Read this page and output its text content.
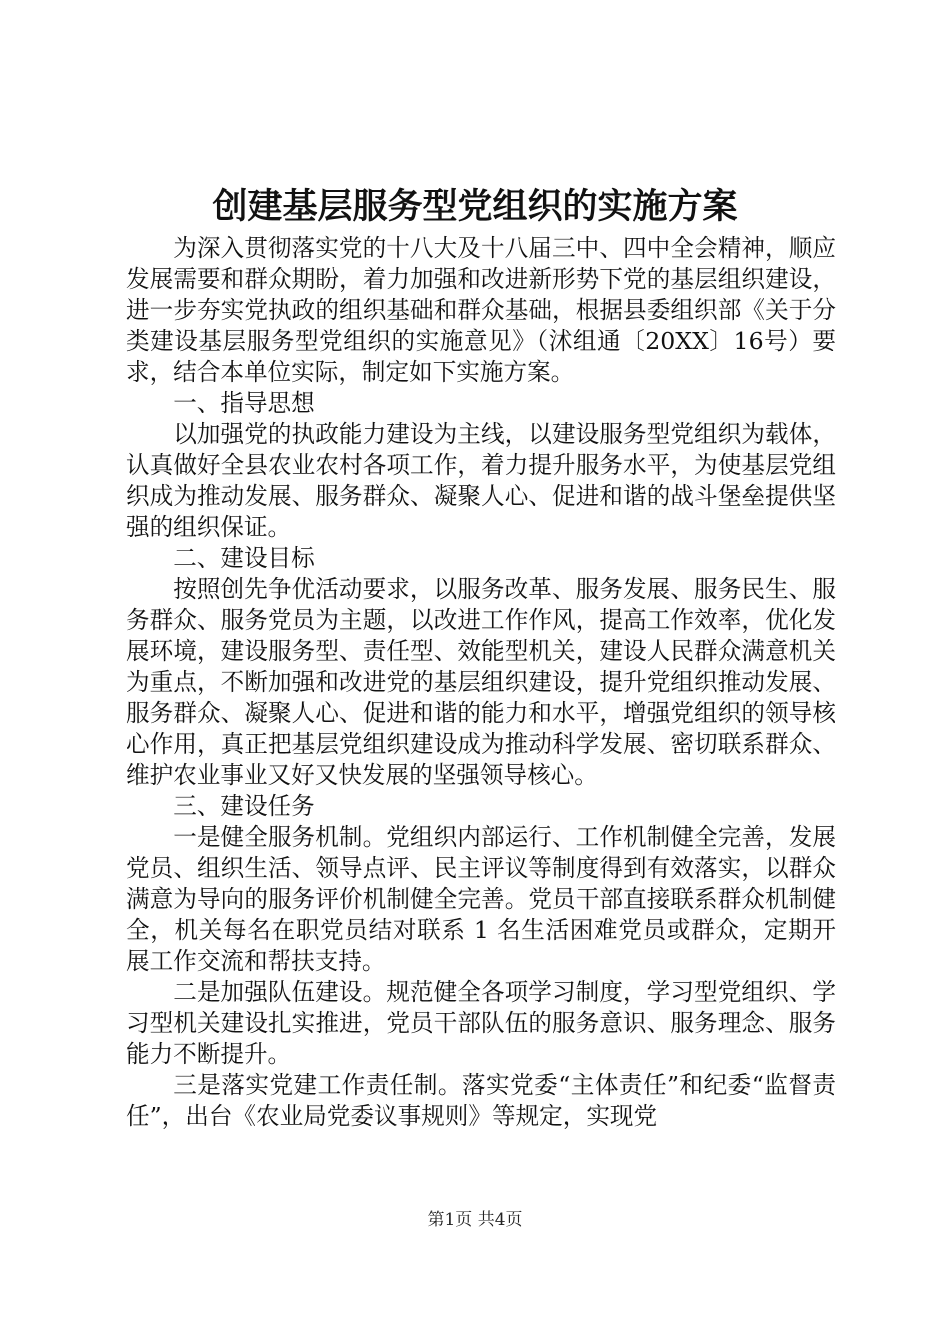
创建基层服务型党组织的实施方案

为深入贯彻落实党的十八大及十八届三中、四中全会精神，顺应发展需要和群众期盼，着力加强和改进新形势下党的基层组织建设，进一步夯实党执政的组织基础和群众基础，根据县委组织部《关于分类建设基层服务型党组织的实施意见》（沭组通〔20XX〕16号）要求，结合本单位实际，制定如下实施方案。

一、指导思想

以加强党的执政能力建设为主线，以建设服务型党组织为载体，认真做好全县农业农村各项工作，着力提升服务水平，为使基层党组织成为推动发展、服务群众、凝聚人心、促进和谐的战斗堡垒提供坚强的组织保证。

二、建设目标

按照创先争优活动要求，以服务改革、服务发展、服务民生、服务群众、服务党员为主题，以改进工作作风，提高工作效率，优化发展环境，建设服务型、责任型、效能型机关，建设人民群众满意机关为重点，不断加强和改进党的基层组织建设，提升党组织推动发展、服务群众、凝聚人心、促进和谐的能力和水平，增强党组织的领导核心作用，真正把基层党组织建设成为推动科学发展、密切联系群众、维护农业事业又好又快发展的坚强领导核心。

三、建设任务

一是健全服务机制。党组织内部运行、工作机制健全完善，发展党员、组织生活、领导点评、民主评议等制度得到有效落实，以群众满意为导向的服务评价机制健全完善。党员干部直接联系群众机制健全，机关每名在职党员结对联系 1 名生活困难党员或群众，定期开展工作交流和帮扶支持。

二是加强队伍建设。规范健全各项学习制度，学习型党组织、学习型机关建设扎实推进，党员干部队伍的服务意识、服务理念、服务能力不断提升。

三是落实党建工作责任制。落实党委“主体责任”和纪委“监督责任”，出台《农业局党委议事规则》等规定，实现党

第1页 共4页
